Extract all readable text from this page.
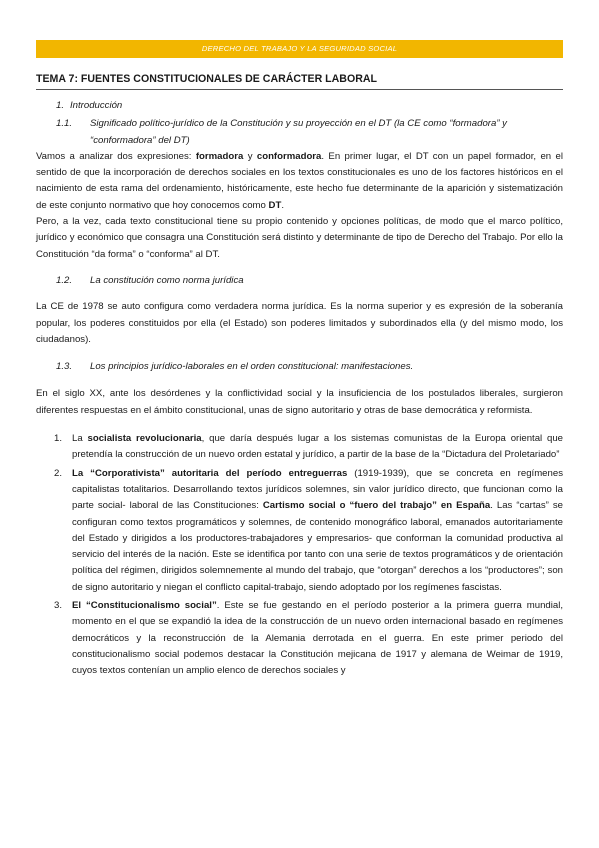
DERECHO DEL TRABAJO Y LA SEGURIDAD SOCIAL
TEMA 7: FUENTES CONSTITUCIONALES DE CARÁCTER LABORAL
1. Introducción
1.1.	Significado político-jurídico de la Constitución y su proyección en el DT (la CE como “formadora” y “conformadora” del DT)

Vamos a analizar dos expresiones: formadora y conformadora. En primer lugar, el DT con un papel formador, en el sentido de que la incorporación de derechos sociales en los textos constitucionales es uno de los factores históricos en el nacimiento de esta rama del ordenamiento, históricamente, este hecho fue determinante de la aparición y sistematización de este conjunto normativo que hoy conocemos como DT.

Pero, a la vez, cada texto constitucional tiene su propio contenido y opciones políticas, de modo que el marco político, jurídico y económico que consagra una Constitución será distinto y determinante de tipo de Derecho del Trabajo. Por ello la Constitución “da forma” o “conforma” al DT.

1.2.	La constitución como norma jurídica

La CE de 1978 se auto configura como verdadera norma jurídica. Es la norma superior y es expresión de la soberanía popular, los poderes constituidos por ella (el Estado) son poderes limitados y subordinados ella (y del mismo modo, los ciudadanos).

1.3.	Los principios jurídico-laborales en el orden constitucional: manifestaciones.

En el siglo XX, ante los desórdenes y la conflictividad social y la insuficiencia de los postulados liberales, surgieron diferentes respuestas en el ámbito constitucional, unas de signo autoritario y otras de base democrática y reformista.

1.	La socialista revolucionaria, que daría después lugar a los sistemas comunistas de la Europa oriental que pretendía la construcción de un nuevo orden estatal y jurídico, a partir de la base de la “Dictadura del Proletariado”
2.	La “Corporativista” autoritaria del período entreguerras (1919-1939), que se concreta en regímenes capitalistas totalitarios. Desarrollando textos jurídicos solemnes, sin valor jurídico directo, que funcionan como la parte social- laboral de las Constituciones: Cartismo social o “fuero del trabajo” en España. Las “cartas” se configuran como textos programáticos y solemnes, de contenido monográfico laboral, emanados autoritariamente del Estado y dirigidos a los productores-trabajadores y empresarios- que conforman la comunidad productiva al servicio del interés de la nación. Este se identifica por tanto con una serie de textos programáticos y de orientación política del régimen, dirigidos solemnemente al mundo del trabajo, que “otorgan” derechos a los “productores”; son de signo autoritario y niegan el conflicto capital-trabajo, siendo adoptado por los regímenes fascistas.
3.	El “Constitucionalismo social”. Este se fue gestando en el período posterior a la primera guerra mundial, momento en el que se expandió la idea de la construcción de un nuevo orden internacional basado en regímenes democráticos y la reconstrucción de la Alemania derrotada en el guerra. En este primer periodo del constitucionalismo social podemos destacar la Constitución mejicana de 1917 y alemana de Weimar de 1919, cuyos textos contenían un amplio elenco de derechos sociales y
